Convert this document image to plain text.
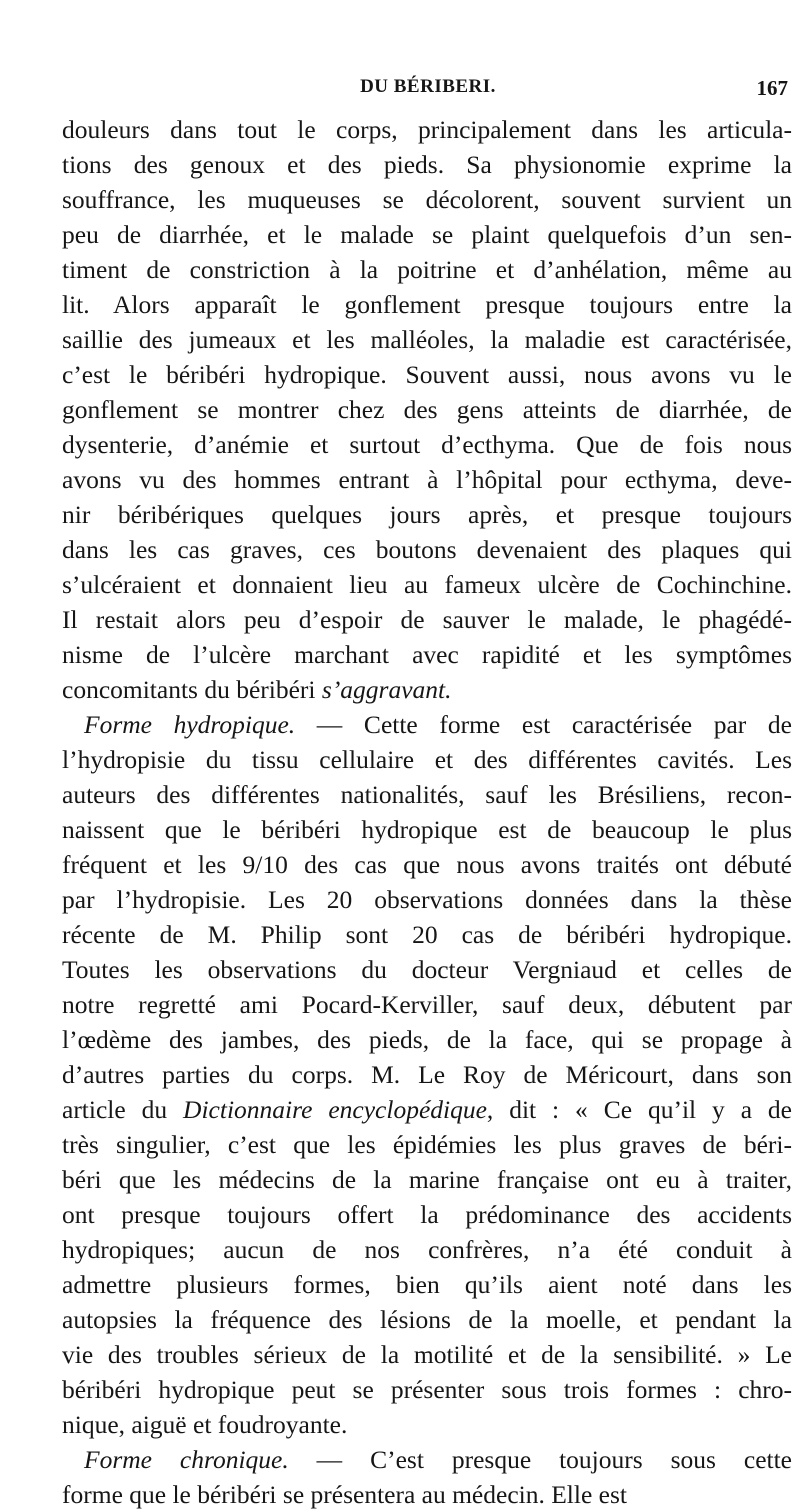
DU BÉRIBERI.	167
douleurs dans tout le corps, principalement dans les articula-
tions des genoux et des pieds. Sa physionomie exprime la
souffrance, les muqueuses se décolorent, souvent survient un
peu de diarrhée, et le malade se plaint quelquefois d’un sen-
timent de constriction à la poitrine et d’anhélation, même au
lit. Alors apparaît le gonflement presque toujours entre la
saillie des jumeaux et les malléoles, la maladie est caractérisée,
c’est le béribéri hydropique. Souvent aussi, nous avons vu le
gonflement se montrer chez des gens atteints de diarrhée, de
dysenterie, d’anémie et surtout d’ecthyma. Que de fois nous
avons vu des hommes entrant à l’hôpital pour ecthyma, deve-
nir béribériques quelques jours après, et presque toujours
dans les cas graves, ces boutons devenaient des plaques qui
s’ulcéraient et donnaient lieu au fameux ulcère de Cochinchine.
Il restait alors peu d’espoir de sauver le malade, le phagédé-
nisme de l’ulcère marchant avec rapidité et les symptômes
concomitants du béribéri s’aggravant.
Forme hydropique. — Cette forme est caractérisée par de
l’hydropisie du tissu cellulaire et des différentes cavités. Les
auteurs des différentes nationalités, sauf les Brésiliens, recon-
naissent que le béribéri hydropique est de beaucoup le plus
fréquent et les 9/10 des cas que nous avons traités ont débuté
par l’hydropisie. Les 20 observations données dans la thèse
récente de M. Philip sont 20 cas de béribéri hydropique.
Toutes les observations du docteur Vergniaud et celles de
notre regretté ami Pocard-Kerviller, sauf deux, débutent par
l’œdème des jambes, des pieds, de la face, qui se propage à
d’autres parties du corps. M. Le Roy de Méricourt, dans son
article du Dictionnaire encyclopédique, dit : « Ce qu’il y a de
très singulier, c’est que les épidémies les plus graves de béri-
béri que les médecins de la marine française ont eu à traiter,
ont presque toujours offert la prédominance des accidents
hydropiques; aucun de nos confrères, n’a été conduit à
admettre plusieurs formes, bien qu’ils aient noté dans les
autopsies la fréquence des lésions de la moelle, et pendant la
vie des troubles sérieux de la motilité et de la sensibilité. » Le
béribéri hydropique peut se présenter sous trois formes : chro-
nique, aiguë et foudroyante.
Forme chronique. — C’est presque toujours sous cette
forme que le béribéri se présentera au médecin. Elle est
